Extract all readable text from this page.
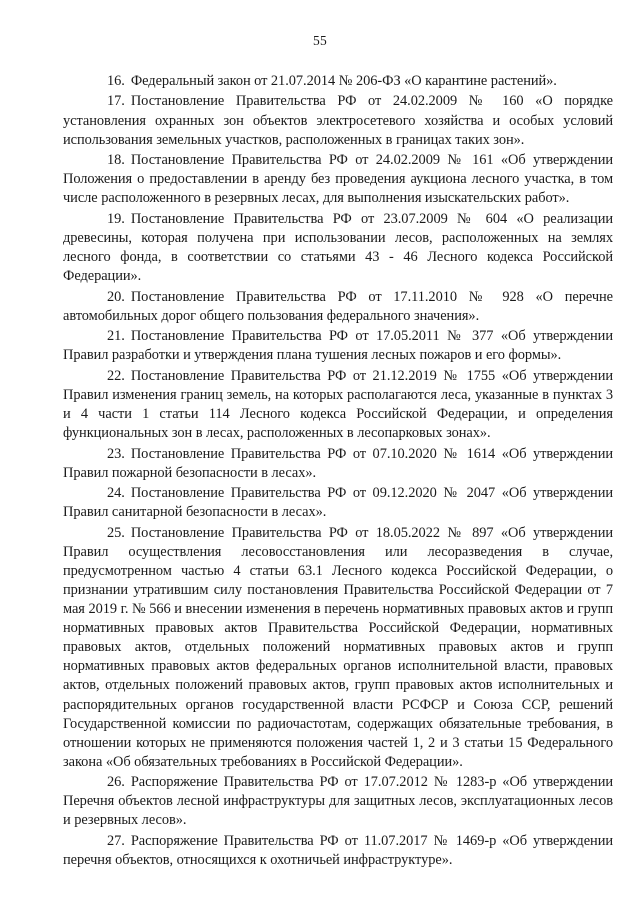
55

16. Федеральный закон от 21.07.2014 № 206-ФЗ «О карантине растений».

17. Постановление Правительства РФ от 24.02.2009 № 160 «О порядке установления охранных зон объектов электросетевого хозяйства и особых условий использования земельных участков, расположенных в границах таких зон».

18. Постановление Правительства РФ от 24.02.2009 № 161 «Об утверждении Положения о предоставлении в аренду без проведения аукциона лесного участка, в том числе расположенного в резервных лесах, для выполнения изыскательских работ».

19. Постановление Правительства РФ от 23.07.2009 № 604 «О реализации древесины, которая получена при использовании лесов, расположенных на землях лесного фонда, в соответствии со статьями 43 - 46 Лесного кодекса Российской Федерации».

20. Постановление Правительства РФ от 17.11.2010 № 928 «О перечне автомобильных дорог общего пользования федерального значения».

21. Постановление Правительства РФ от 17.05.2011 № 377 «Об утверждении Правил разработки и утверждения плана тушения лесных пожаров и его формы».

22. Постановление Правительства РФ от 21.12.2019 № 1755 «Об утверждении Правил изменения границ земель, на которых располагаются леса, указанные в пунктах 3 и 4 части 1 статьи 114 Лесного кодекса Российской Федерации, и определения функциональных зон в лесах, расположенных в лесопарковых зонах».

23. Постановление Правительства РФ от 07.10.2020 № 1614 «Об утверждении Правил пожарной безопасности в лесах».

24. Постановление Правительства РФ от 09.12.2020 № 2047 «Об утверждении Правил санитарной безопасности в лесах».

25. Постановление Правительства РФ от 18.05.2022 № 897 «Об утверждении Правил осуществления лесовосстановления или лесоразведения в случае, предусмотренном частью 4 статьи 63.1 Лесного кодекса Российской Федерации, о признании утратившим силу постановления Правительства Российской Федерации от 7 мая 2019 г. № 566 и внесении изменения в перечень нормативных правовых актов и групп нормативных правовых актов Правительства Российской Федерации, нормативных правовых актов, отдельных положений нормативных правовых актов и групп нормативных правовых актов федеральных органов исполнительной власти, правовых актов, отдельных положений правовых актов, групп правовых актов исполнительных и распорядительных органов государственной власти РСФСР и Союза ССР, решений Государственной комиссии по радиочастотам, содержащих обязательные требования, в отношении которых не применяются положения частей 1, 2 и 3 статьи 15 Федерального закона «Об обязательных требованиях в Российской Федерации».

26. Распоряжение Правительства РФ от 17.07.2012 № 1283-р «Об утверждении Перечня объектов лесной инфраструктуры для защитных лесов, эксплуатационных лесов и резервных лесов».

27. Распоряжение Правительства РФ от 11.07.2017 № 1469-р «Об утверждении перечня объектов, относящихся к охотничьей инфраструктуре».
